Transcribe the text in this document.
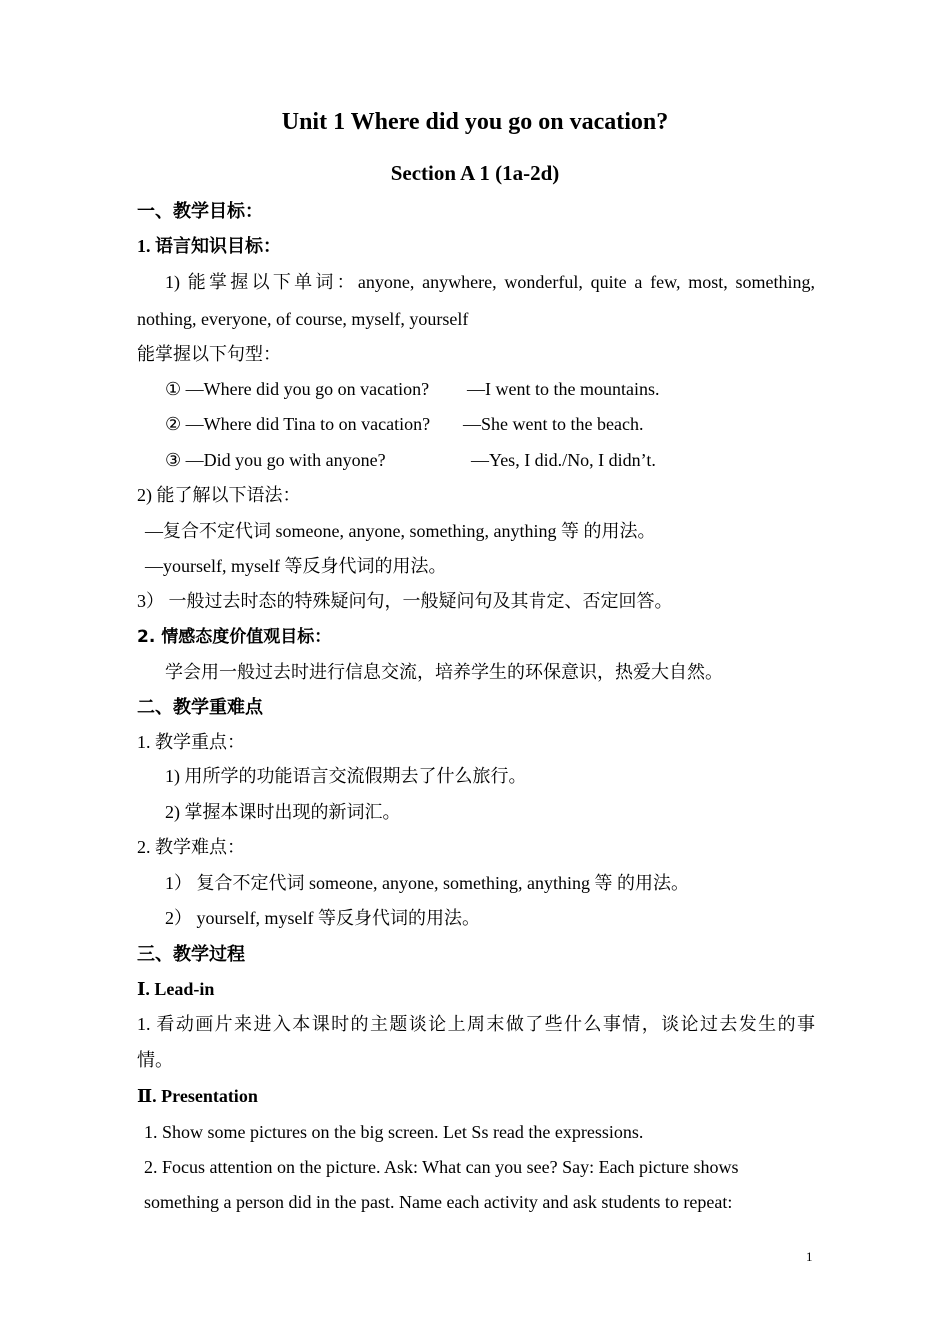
Unit 1 Where did you go on vacation?
Section A 1 (1a-2d)
一、教学目标：
1. 语言知识目标：
1) 能掌握以下单词：anyone, anywhere, wonderful, quite a few, most, something,
nothing, everyone, of course, myself, yourself
能掌握以下句型：
① —Where did you go on vacation? —I went to the mountains.
② —Where did Tina to on vacation? —She went to the beach.
③ —Did you go with anyone?	—Yes, I did./No, I didn’t.
2) 能了解以下语法：
—复合不定代词 someone, anyone, something, anything 等 的用法。
—yourself, myself 等反身代词的用法。
3） 一般过去时态的特殊疑问句，一般疑问句及其肯定、否定回答。
2. 情感态度价值观目标：
学会用一般过去时进行信息交流，培养学生的环保意识，热爱大自然。
二、教学重难点
1. 教学重点：
1) 用所学的功能语言交流假期去了什么旅行。
2) 掌握本课时出现的新词汇。
2. 教学难点：
1） 复合不定代词 someone, anyone, something, anything 等 的用法。
2） yourself, myself 等反身代词的用法。
三、教学过程
Ⅰ. Lead-in
1. 看动画片来进入本课时的主题谈论上周末做了些什么事情，谈论过去发生的事
情。
Ⅱ. Presentation
1. Show some pictures on the big screen. Let Ss read the expressions.
2. Focus attention on the picture. Ask: What can you see? Say: Each picture shows
something a person did in the past. Name each activity and ask students to repeat:
1
